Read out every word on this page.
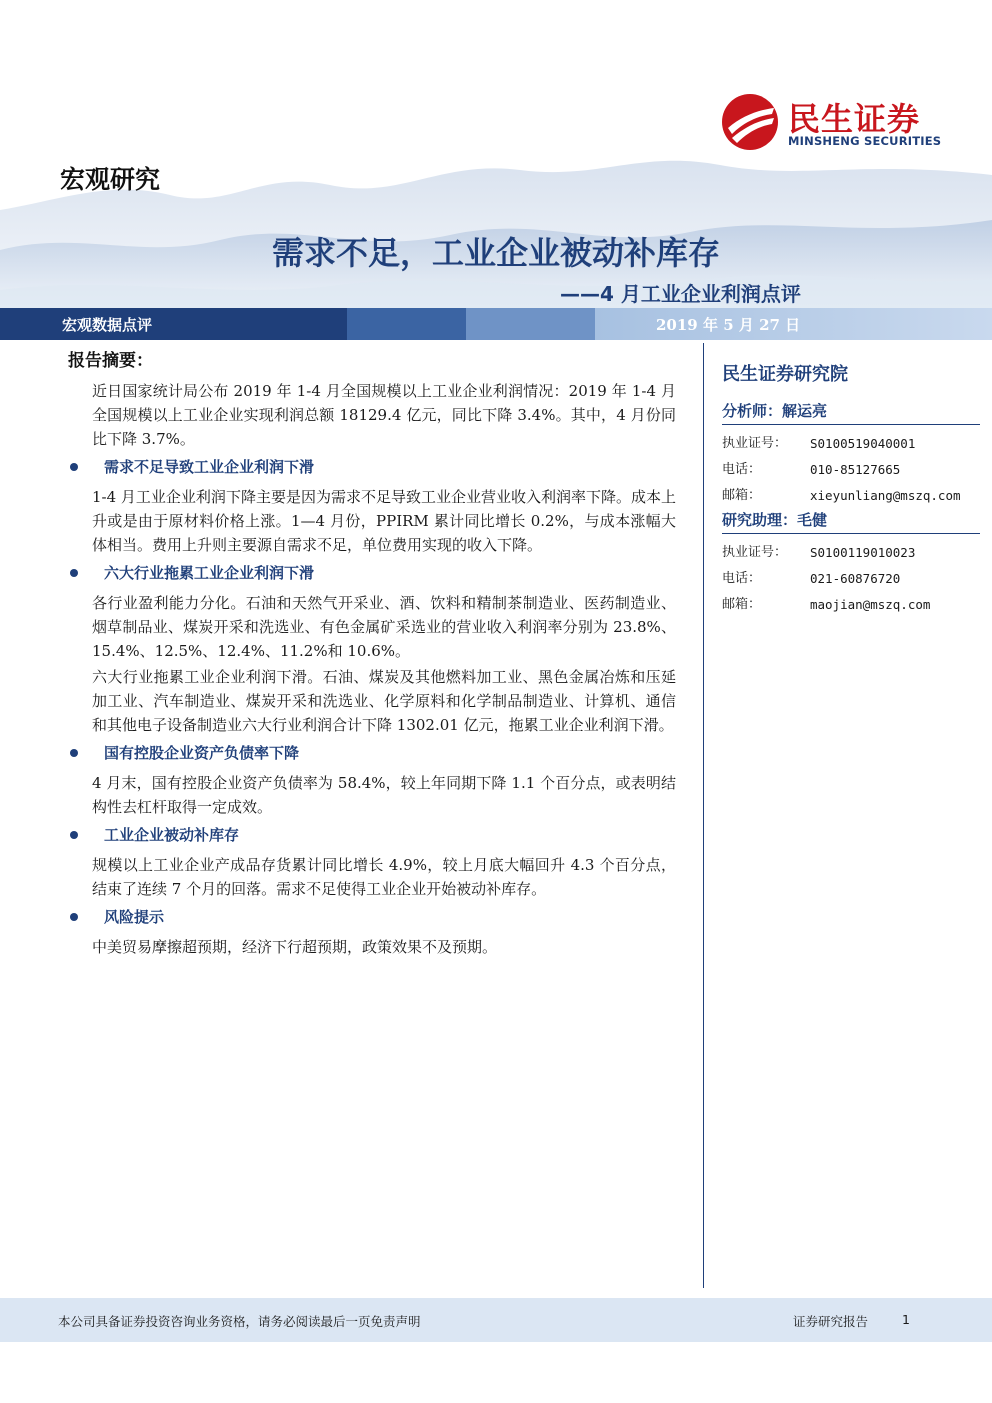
民生证券
MINSHENG SECURITIES
宏观研究
需求不足，工业企业被动补库存
——4 月工业企业利润点评
宏观数据点评	2019 年 5 月 27 日
报告摘要：

近日国家统计局公布 2019 年 1-4 月全国规模以上工业企业利润情况：2019 年 1-4 月全国规模以上工业企业实现利润总额 18129.4 亿元，同比下降 3.4%。其中，4 月份同比下降 3.7%。

需求不足导致工业企业利润下滑

1-4 月工业企业利润下降主要是因为需求不足导致工业企业营业收入利润率下降。成本上升或是由于原材料价格上涨。1—4 月份，PPIRM 累计同比增长 0.2%，与成本涨幅大体相当。费用上升则主要源自需求不足，单位费用实现的收入下降。

六大行业拖累工业企业利润下滑

各行业盈利能力分化。石油和天然气开采业、酒、饮料和精制茶制造业、医药制造业、烟草制品业、煤炭开采和洗选业、有色金属矿采选业的营业收入利润率分别为 23.8%、15.4%、12.5%、12.4%、11.2%和 10.6%。

六大行业拖累工业企业利润下滑。石油、煤炭及其他燃料加工业、黑色金属冶炼和压延加工业、汽车制造业、煤炭开采和洗选业、化学原料和化学制品制造业、计算机、通信和其他电子设备制造业六大行业利润合计下降 1302.01 亿元，拖累工业企业利润下滑。

国有控股企业资产负债率下降

4 月末，国有控股企业资产负债率为 58.4%，较上年同期下降 1.1 个百分点，或表明结构性去杠杆取得一定成效。

工业企业被动补库存

规模以上工业企业产成品存货累计同比增长 4.9%，较上月底大幅回升 4.3 个百分点，结束了连续 7 个月的回落。需求不足使得工业企业开始被动补库存。

风险提示

中美贸易摩擦超预期，经济下行超预期，政策效果不及预期。

民生证券研究院
分析师：解运亮
执业证号：	S0100519040001
电话：	010-85127665
邮箱：	xieyunliang@mszq.com
研究助理：毛健
执业证号：	S0100119010023
电话：	021-60876720
邮箱：	maojian@mszq.com
本公司具备证券投资咨询业务资格，请务必阅读最后一页免责声明	证券研究报告	1
